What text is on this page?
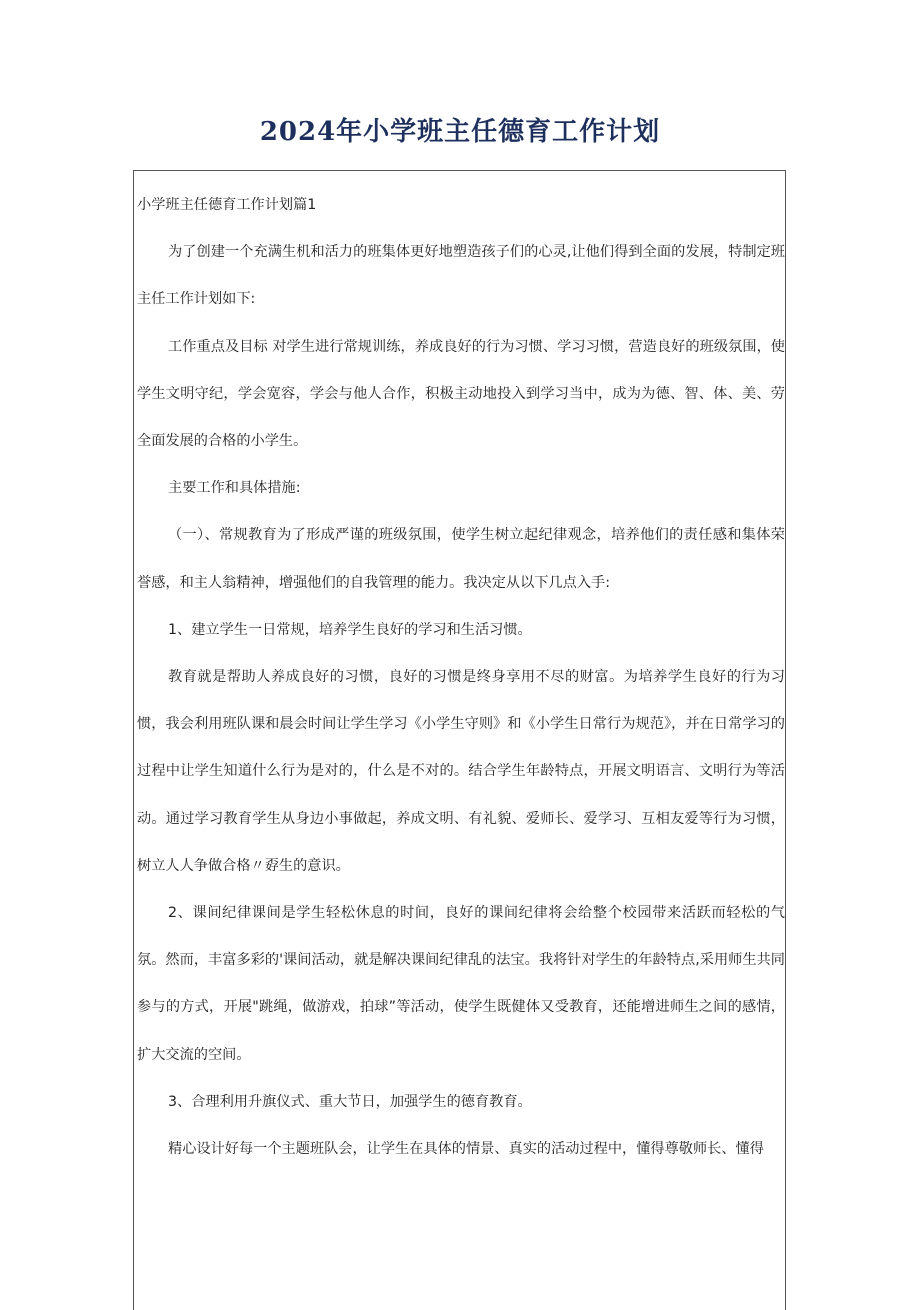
2024年小学班主任德育工作计划

小学班主任德育工作计划篇1

为了创建一个充满生机和活力的班集体更好地塑造孩子们的心灵,让他们得到全面的发展，特制定班主任工作计划如下:

工作重点及目标 对学生进行常规训练，养成良好的行为习惯、学习习惯，营造良好的班级氛围，使学生文明守纪，学会宽容，学会与他人合作，积极主动地投入到学习当中，成为为德、智、体、美、劳全面发展的合格的小学生。

主要工作和具体措施:

（一）、常规教育为了形成严谨的班级氛围，使学生树立起纪律观念，培养他们的责任感和集体荣誉感，和主人翁精神，增强他们的自我管理的能力。我决定从以下几点入手:

1、建立学生一日常规，培养学生良好的学习和生活习惯。

教育就是帮助人养成良好的习惯，良好的习惯是终身享用不尽的财富。为培养学生良好的行为习惯，我会利用班队课和晨会时间让学生学习《小学生守则》和《小学生日常行为规范》，并在日常学习的过程中让学生知道什么行为是对的，什么是不对的。结合学生年龄特点，开展文明语言、文明行为等活动。通过学习教育学生从身边小事做起，养成文明、有礼貌、爱师长、爱学习、互相友爱等行为习惯，树立人人争做合格〃孬生的意识。

2、课间纪律课间是学生轻松休息的时间，良好的课间纪律将会给整个校园带来活跃而轻松的气氛。然而，丰富多彩的'课间活动，就是解决课间纪律乱的法宝。我将针对学生的年龄特点,采用师生共同参与的方式，开展"跳绳，做游戏，拍球”等活动，使学生既健体又受教育，还能增进师生之间的感情，扩大交流的空间。

3、合理利用升旗仪式、重大节日，加强学生的德育教育。

精心设计好每一个主题班队会，让学生在具体的情景、真实的活动过程中，懂得尊敬师长、懂得
